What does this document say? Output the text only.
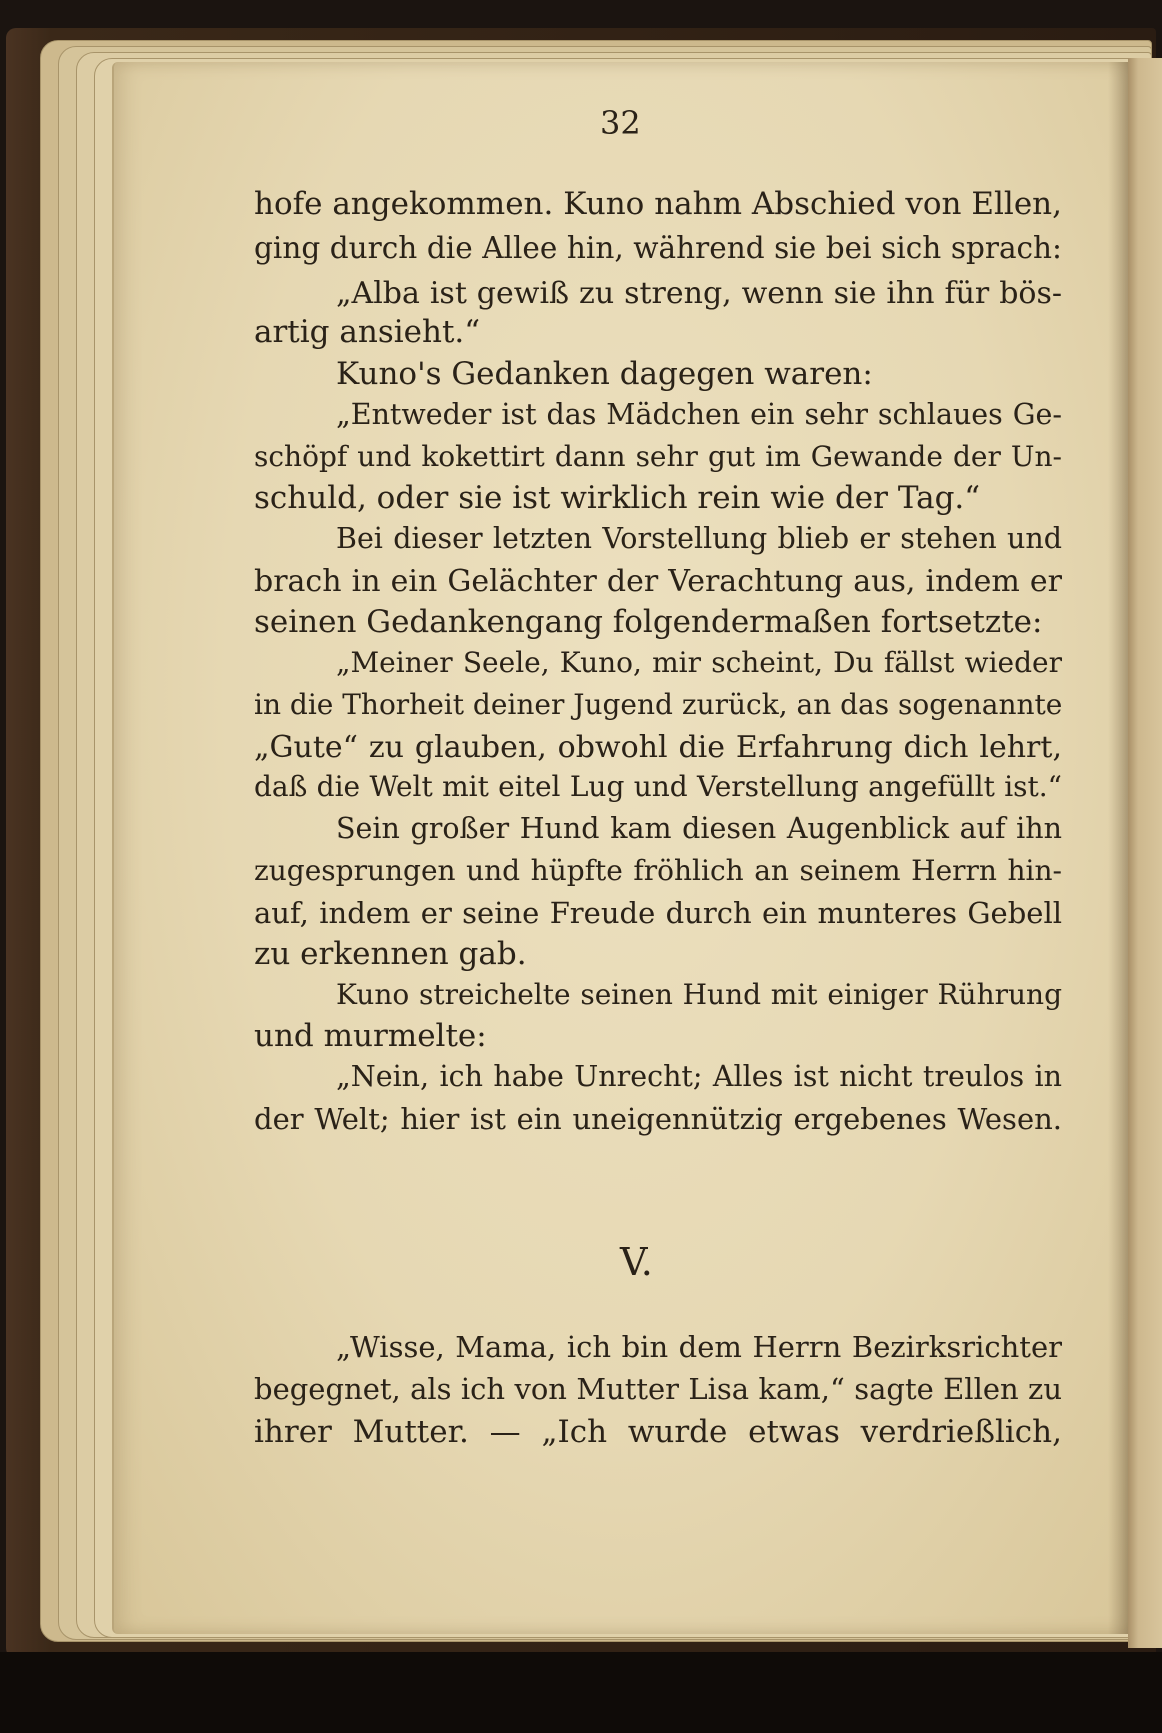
32
hofe angekommen. Kuno nahm Abschied von Ellen,
ging durch die Allee hin, während sie bei sich sprach:
„Alba ist gewiß zu streng, wenn sie ihn für bös-
artig ansieht.“
Kuno's Gedanken dagegen waren:
„Entweder ist das Mädchen ein sehr schlaues Ge-
schöpf und kokettirt dann sehr gut im Gewande der Un-
schuld, oder sie ist wirklich rein wie der Tag.“
Bei dieser letzten Vorstellung blieb er stehen und
brach in ein Gelächter der Verachtung aus, indem er
seinen Gedankengang folgendermaßen fortsetzte:
„Meiner Seele, Kuno, mir scheint, Du fällst wieder
in die Thorheit deiner Jugend zurück, an das sogenannte
„Gute“ zu glauben, obwohl die Erfahrung dich lehrt,
daß die Welt mit eitel Lug und Verstellung angefüllt ist.“
Sein großer Hund kam diesen Augenblick auf ihn
zugesprungen und hüpfte fröhlich an seinem Herrn hin-
auf, indem er seine Freude durch ein munteres Gebell
zu erkennen gab.
Kuno streichelte seinen Hund mit einiger Rührung
und murmelte:
„Nein, ich habe Unrecht; Alles ist nicht treulos in
der Welt; hier ist ein uneigennützig ergebenes Wesen.
V.
„Wisse, Mama, ich bin dem Herrn Bezirksrichter
begegnet, als ich von Mutter Lisa kam,“ sagte Ellen zu
ihrer Mutter. — „Ich wurde etwas verdrießlich,
